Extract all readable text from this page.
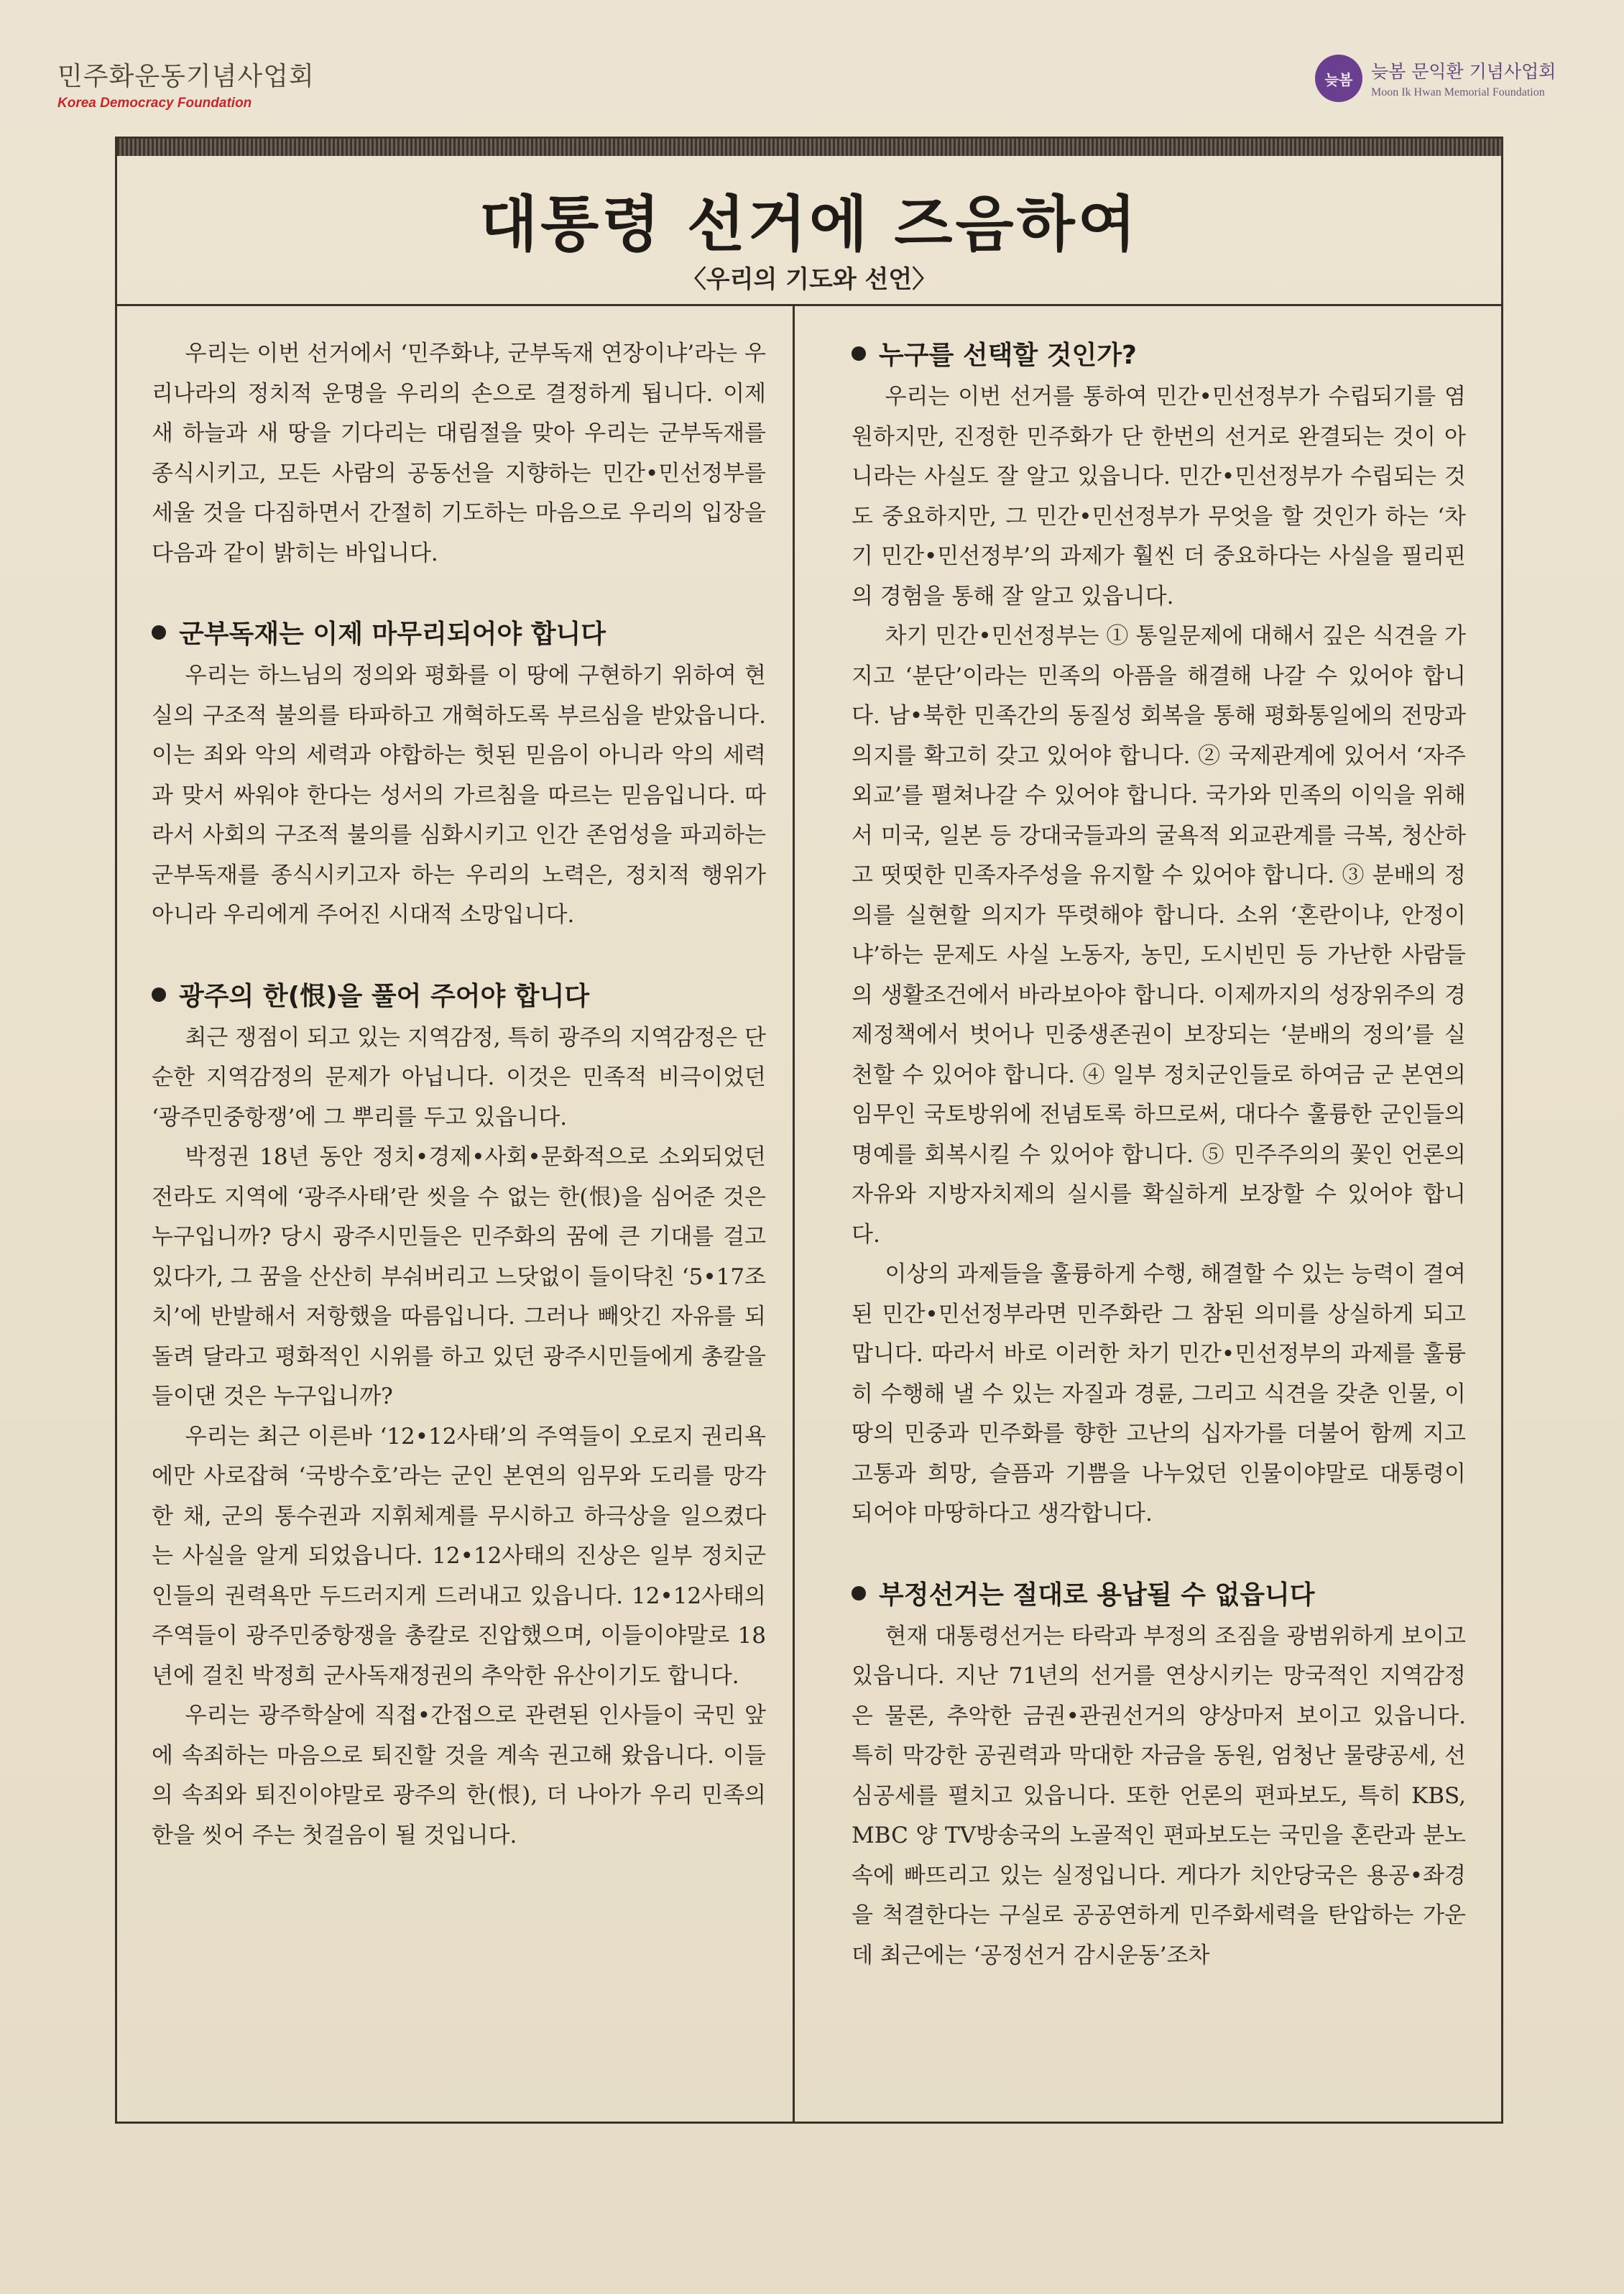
민주화운동기념사업회
Korea Democracy Foundation
늦봄	늦봄 문익환 기념사업회
Moon Ik Hwan Memorial Foundation
대통령 선거에 즈음하여
〈우리의 기도와 선언〉

우리는 이번 선거에서 ‘민주화냐, 군부독재 연장이냐’라는 우리나라의 정치적 운명을 우리의 손으로 결정하게 됩니다. 이제 새 하늘과 새 땅을 기다리는 대림절을 맞아 우리는 군부독재를 종식시키고, 모든 사람의 공동선을 지향하는 민간•민선정부를 세울 것을 다짐하면서 간절히 기도하는 마음으로 우리의 입장을 다음과 같이 밝히는 바입니다.

군부독재는 이제 마무리되어야 합니다

우리는 하느님의 정의와 평화를 이 땅에 구현하기 위하여 현실의 구조적 불의를 타파하고 개혁하도록 부르심을 받았읍니다. 이는 죄와 악의 세력과 야합하는 헛된 믿음이 아니라 악의 세력과 맞서 싸워야 한다는 성서의 가르침을 따르는 믿음입니다. 따라서 사회의 구조적 불의를 심화시키고 인간 존엄성을 파괴하는 군부독재를 종식시키고자 하는 우리의 노력은, 정치적 행위가 아니라 우리에게 주어진 시대적 소망입니다.

광주의 한(恨)을 풀어 주어야 합니다

최근 쟁점이 되고 있는 지역감정, 특히 광주의 지역감정은 단순한 지역감정의 문제가 아닙니다. 이것은 민족적 비극이었던 ‘광주민중항쟁’에 그 뿌리를 두고 있읍니다.

박정권 18년 동안 정치•경제•사회•문화적으로 소외되었던 전라도 지역에 ‘광주사태’란 씻을 수 없는 한(恨)을 심어준 것은 누구입니까? 당시 광주시민들은 민주화의 꿈에 큰 기대를 걸고 있다가, 그 꿈을 산산히 부숴버리고 느닷없이 들이닥친 ‘5•17조치’에 반발해서 저항했을 따름입니다. 그러나 빼앗긴 자유를 되돌려 달라고 평화적인 시위를 하고 있던 광주시민들에게 총칼을 들이댄 것은 누구입니까?

우리는 최근 이른바 ‘12•12사태’의 주역들이 오로지 권리욕에만 사로잡혀 ‘국방수호’라는 군인 본연의 임무와 도리를 망각한 채, 군의 통수권과 지휘체계를 무시하고 하극상을 일으켰다는 사실을 알게 되었읍니다. 12•12사태의 진상은 일부 정치군인들의 권력욕만 두드러지게 드러내고 있읍니다. 12•12사태의 주역들이 광주민중항쟁을 총칼로 진압했으며, 이들이야말로 18년에 걸친 박정희 군사독재정권의 추악한 유산이기도 합니다.

우리는 광주학살에 직접•간접으로 관련된 인사들이 국민 앞에 속죄하는 마음으로 퇴진할 것을 계속 권고해 왔읍니다. 이들의 속죄와 퇴진이야말로 광주의 한(恨), 더 나아가 우리 민족의 한을 씻어 주는 첫걸음이 될 것입니다.

누구를 선택할 것인가?

우리는 이번 선거를 통하여 민간•민선정부가 수립되기를 염원하지만, 진정한 민주화가 단 한번의 선거로 완결되는 것이 아니라는 사실도 잘 알고 있읍니다. 민간•민선정부가 수립되는 것도 중요하지만, 그 민간•민선정부가 무엇을 할 것인가 하는 ‘차기 민간•민선정부’의 과제가 훨씬 더 중요하다는 사실을 필리핀의 경험을 통해 잘 알고 있읍니다.

차기 민간•민선정부는 ① 통일문제에 대해서 깊은 식견을 가지고 ‘분단’이라는 민족의 아픔을 해결해 나갈 수 있어야 합니다. 남•북한 민족간의 동질성 회복을 통해 평화통일에의 전망과 의지를 확고히 갖고 있어야 합니다. ② 국제관계에 있어서 ‘자주외교’를 펼쳐나갈 수 있어야 합니다. 국가와 민족의 이익을 위해서 미국, 일본 등 강대국들과의 굴욕적 외교관계를 극복, 청산하고 떳떳한 민족자주성을 유지할 수 있어야 합니다. ③ 분배의 정의를 실현할 의지가 뚜렷해야 합니다. 소위 ‘혼란이냐, 안정이냐’하는 문제도 사실 노동자, 농민, 도시빈민 등 가난한 사람들의 생활조건에서 바라보아야 합니다. 이제까지의 성장위주의 경제정책에서 벗어나 민중생존권이 보장되는 ‘분배의 정의’를 실천할 수 있어야 합니다. ④ 일부 정치군인들로 하여금 군 본연의 임무인 국토방위에 전념토록 하므로써, 대다수 훌륭한 군인들의 명예를 회복시킬 수 있어야 합니다. ⑤ 민주주의의 꽃인 언론의 자유와 지방자치제의 실시를 확실하게 보장할 수 있어야 합니다.

이상의 과제들을 훌륭하게 수행, 해결할 수 있는 능력이 결여된 민간•민선정부라면 민주화란 그 참된 의미를 상실하게 되고 맙니다. 따라서 바로 이러한 차기 민간•민선정부의 과제를 훌륭히 수행해 낼 수 있는 자질과 경륜, 그리고 식견을 갖춘 인물, 이 땅의 민중과 민주화를 향한 고난의 십자가를 더불어 함께 지고 고통과 희망, 슬픔과 기쁨을 나누었던 인물이야말로 대통령이 되어야 마땅하다고 생각합니다.

부정선거는 절대로 용납될 수 없읍니다

현재 대통령선거는 타락과 부정의 조짐을 광범위하게 보이고 있읍니다. 지난 71년의 선거를 연상시키는 망국적인 지역감정은 물론, 추악한 금권•관권선거의 양상마저 보이고 있읍니다. 특히 막강한 공권력과 막대한 자금을 동원, 엄청난 물량공세, 선심공세를 펼치고 있읍니다. 또한 언론의 편파보도, 특히 KBS, MBC 양 TV방송국의 노골적인 편파보도는 국민을 혼란과 분노속에 빠뜨리고 있는 실정입니다. 게다가 치안당국은 용공•좌경을 척결한다는 구실로 공공연하게 민주화세력을 탄압하는 가운데 최근에는 ‘공정선거 감시운동’조차
